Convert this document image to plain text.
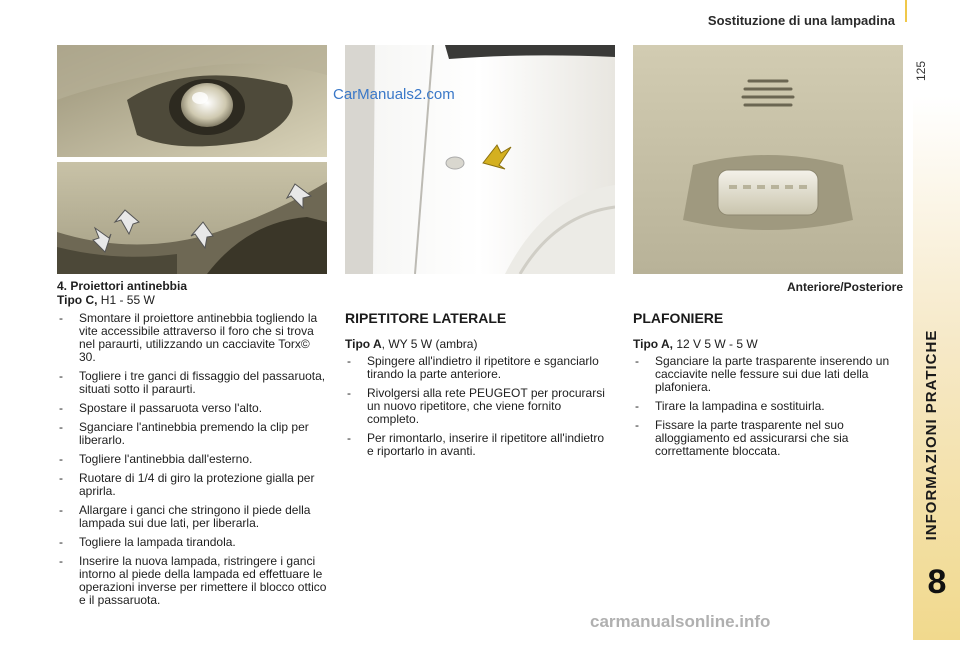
Sostituzione di una lampadina
125
INFORMAZIONI PRATICHE
8
CarManuals2.com
carmanualsonline.info
4. Proiettori antinebbia
Tipo C, H1 - 55 W
- Smontare il proiettore antinebbia togliendo la vite accessibile attraverso il foro che si trova nel paraurti, utilizzando un cacciavite Torx© 30.
- Togliere i tre ganci di fissaggio del passaruota, situati sotto il paraurti.
- Spostare il passaruota verso l'alto.
- Sganciare l'antinebbia premendo la clip per liberarlo.
- Togliere l'antinebbia dall'esterno.
- Ruotare di 1/4 di giro la protezione gialla per aprirla.
- Allargare i ganci che stringono il piede della lampada sui due lati, per liberarla.
- Togliere la lampada tirandola.
- Inserire la nuova lampada, ristringere i ganci intorno al piede della lampada ed effettuare le operazioni inverse per rimettere il blocco ottico e il passaruota.
RIPETITORE LATERALE
Tipo A, WY 5 W (ambra)
- Spingere all'indietro il ripetitore e sganciarlo tirando la parte anteriore.
- Rivolgersi alla rete PEUGEOT per procurarsi un nuovo ripetitore, che viene fornito completo.
- Per rimontarlo, inserire il ripetitore all'indietro e riportarlo in avanti.
Anteriore/Posteriore
PLAFONIERE
Tipo A, 12 V 5 W - 5 W
- Sganciare la parte trasparente inserendo un cacciavite nelle fessure sui due lati della plafoniera.
- Tirare la lampadina e sostituirla.
- Fissare la parte trasparente nel suo alloggiamento ed assicurarsi che sia correttamente bloccata.
